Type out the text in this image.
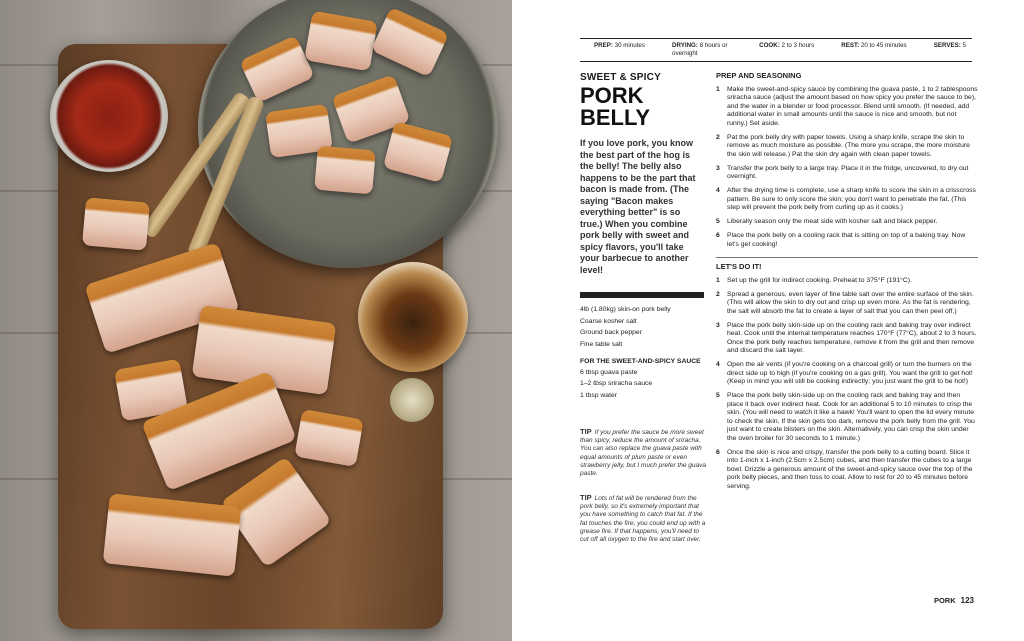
PREP: 30 minutes	DRYING: 8 hours or overnight
COOK: 2 to 3 hours	REST: 20 to 45 minutes	SERVES: 5
SWEET & SPICY
PORK
BELLY
If you love pork, you know the best part of the hog is the belly! The belly also happens to be the part that bacon is made from. (The saying "Bacon makes everything better" is so true.) When you combine pork belly with sweet and spicy flavors, you'll take your barbecue to another level!
4lb (1.80kg) skin-on pork belly
Coarse kosher salt
Ground back pepper
Fine table salt
FOR THE SWEET-AND-SPICY SAUCE
6 tbsp guava paste
1–2 tbsp sriracha sauce
1 tbsp water
TIP If you prefer the sauce be more sweet than spicy, reduce the amount of sriracha. You can also replace the guava paste with equal amounts of plum paste or even strawberry jelly, but I much prefer the guava paste.
TIP Lots of fat will be rendered from the pork belly, so it's extremely important that you have something to catch that fat. If the fat touches the fire, you could end up with a grease fire. If that happens, you'll need to cut off all oxygen to the fire and start over.
PREP AND SEASONING
1	Make the sweet-and-spicy sauce by combining the guava paste, 1 to 2 tablespoons sriracha sauce (adjust the amount based on how spicy you prefer the sauce to be), and the water in a blender or food processor. Blend until smooth. (If needed, add additional water in small amounts until the sauce is nice and smooth, but not runny.) Set aside.
2	Pat the pork belly dry with paper towels. Using a sharp knife, scrape the skin to remove as much moisture as possible. (The more you scrape, the more moisture the skin will release.) Pat the skin dry again with clean paper towels.
3	Transfer the pork belly to a large tray. Place it in the fridge, uncovered, to dry out overnight.
4	After the drying time is complete, use a sharp knife to score the skin in a crisscross pattern. Be sure to only score the skin; you don't want to penetrate the fat. (This step will prevent the pork belly from curling up as it cooks.)
5	Liberally season only the meat side with kosher salt and black pepper.
6	Place the pork belly on a cooling rack that is sitting on top of a baking tray. Now let's get cooking!
LET'S DO IT!
1	Set up the grill for indirect cooking. Preheat to 375°F (191°C).
2	Spread a generous, even layer of fine table salt over the entire surface of the skin. (This will allow the skin to dry out and crisp up even more. As the fat is rendering, the salt will absorb the fat to create a layer of salt that you can then peel off.)
3	Place the pork belly skin-side up on the cooling rack and baking tray over indirect heat. Cook until the internal temperature reaches 170°F (77°C), about 2 to 3 hours. Once the pork belly reaches temperature, remove it from the grill and then remove and discard the salt layer.
4	Open the air vents (if you're cooking on a charcoal grill) or turn the burners on the direct side up to high (if you're cooking on a gas grill). You want the grill to get hot! (Keep in mind you will still be cooking indirectly; you just want the grill to be hot!)
5	Place the pork belly skin-side up on the cooling rack and baking tray and then place it back over indirect heat. Cook for an additional 5 to 10 minutes to crisp the skin. (You will need to watch it like a hawk! You'll want to open the lid every minute to check the skin. If the skin gets too dark, remove the pork belly from the grill. You just want to create blisters on the skin. Alternatively, you can crisp the skin under the oven broiler for 30 seconds to 1 minute.)
6	Once the skin is nice and crispy, transfer the pork belly to a cutting board. Slice it into 1-inch x 1-inch (2.5cm x 2.5cm) cubes, and then transfer the cubes to a large bowl. Drizzle a generous amount of the sweet-and-spicy sauce over the top of the pork belly pieces, and then toss to coat. Allow to rest for 20 to 45 minutes before serving.
PORK 123
